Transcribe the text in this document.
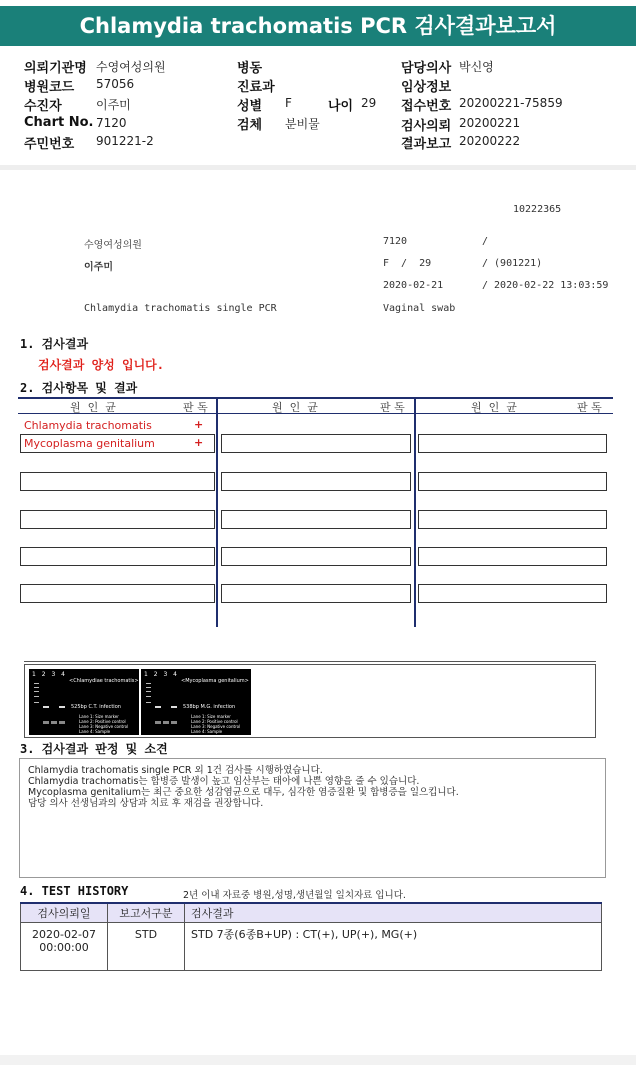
Chlamydia trachomatis PCR 검사결과보고서
의뢰기관명 수영여성의원	병동	담당의사 박신영
병원코드 57056	진료과	임상정보
수진자	이주미	성별 F	나이 29 접수번호 20200221-75859
Chart No. 7120	검체 분비물	검사의뢰 20200221
주민번호 901221-2	결과보고 20200222
10222365
수영여성의원	7120	/
이주미	F  /  29	/ (901221)
2020-02-21	/ 2020-02-22 13:03:59
Chlamydia trachomatis single PCR	Vaginal swab
1. 검사결과
검사결과 양성 입니다.
2. 검사항목 및 결과
원  인  균	판 독	원  인  균	판 독	원  인  균	판 독
Chlamydia trachomatis	+
Mycoplasma genitalium	+
1 2 3 4
<Chlamydiae trachomatis>
525bp C.T. infection
Lane 1: Size marker
Lane 2: Positive control
Lane 3: Negative control
Lane 4: Sample
1 2 3 4
<Mycoplasma genitalium>
538bp M.G. infection
Lane 1: Size marker
Lane 2: Positive control
Lane 3: Negative control
Lane 4: Sample
3. 검사결과 판정 및 소견
Chlamydia trachomatis single PCR 외 1건 검사를 시행하였습니다.
Chlamydia trachomatis는 합병증 발생이 높고 임산부는 태아에 나쁜 영향을 줄 수 있습니다.
Mycoplasma genitalium는 최근 중요한 성감염균으로 대두, 심각한 염증질환 및 합병증을 일으킵니다.
담당 의사 선생님과의 상담과 치료 후 재검을 권장합니다.
4. TEST HISTORY	2년 이내 자료중 병원,성명,생년월일 일치자료 입니다.
검사의뢰일	보고서구분	검사결과

2020-02-07
00:00:00	STD	STD 7종(6종B+UP) : CT(+), UP(+), MG(+)
